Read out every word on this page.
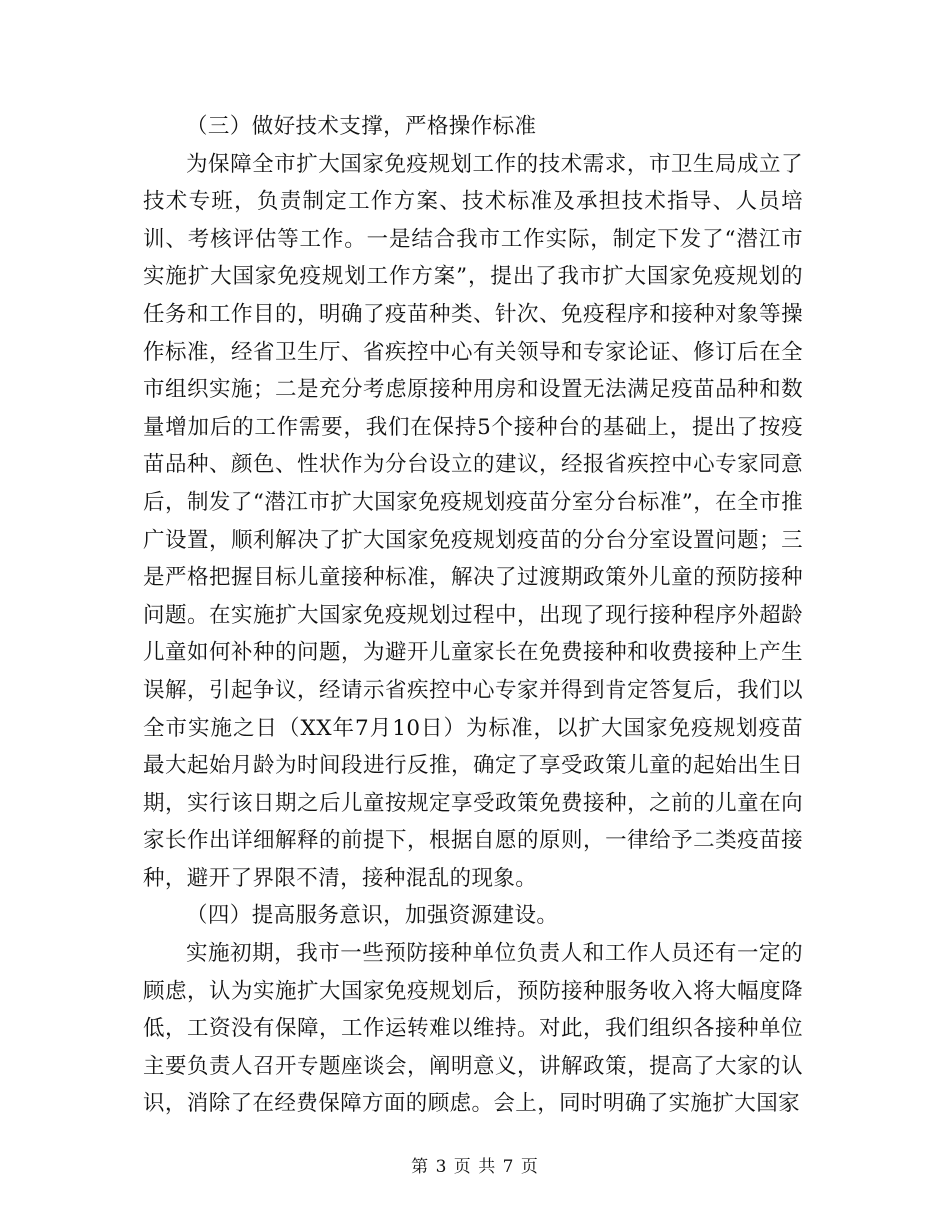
（三）做好技术支撑，严格操作标准

为保障全市扩大国家免疫规划工作的技术需求，市卫生局成立了技术专班，负责制定工作方案、技术标准及承担技术指导、人员培训、考核评估等工作。一是结合我市工作实际，制定下发了“潜江市实施扩大国家免疫规划工作方案”，提出了我市扩大国家免疫规划的任务和工作目的，明确了疫苗种类、针次、免疫程序和接种对象等操作标准，经省卫生厅、省疾控中心有关领导和专家论证、修订后在全市组织实施；二是充分考虑原接种用房和设置无法满足疫苗品种和数量增加后的工作需要，我们在保持5个接种台的基础上，提出了按疫苗品种、颜色、性状作为分台设立的建议，经报省疾控中心专家同意后，制发了“潜江市扩大国家免疫规划疫苗分室分台标准”，在全市推广设置，顺利解决了扩大国家免疫规划疫苗的分台分室设置问题；三是严格把握目标儿童接种标准，解决了过渡期政策外儿童的预防接种问题。在实施扩大国家免疫规划过程中，出现了现行接种程序外超龄儿童如何补种的问题，为避开儿童家长在免费接种和收费接种上产生误解，引起争议，经请示省疾控中心专家并得到肯定答复后，我们以全市实施之日（XX年7月10日）为标准，以扩大国家免疫规划疫苗最大起始月龄为时间段进行反推，确定了享受政策儿童的起始出生日期，实行该日期之后儿童按规定享受政策免费接种，之前的儿童在向家长作出详细解释的前提下，根据自愿的原则，一律给予二类疫苗接种，避开了界限不清，接种混乱的现象。

（四）提高服务意识，加强资源建设。

实施初期，我市一些预防接种单位负责人和工作人员还有一定的顾虑，认为实施扩大国家免疫规划后，预防接种服务收入将大幅度降低，工资没有保障，工作运转难以维持。对此，我们组织各接种单位主要负责人召开专题座谈会，阐明意义，讲解政策，提高了大家的认识，消除了在经费保障方面的顾虑。会上，同时明确了实施扩大国家

第 3 页 共 7 页
